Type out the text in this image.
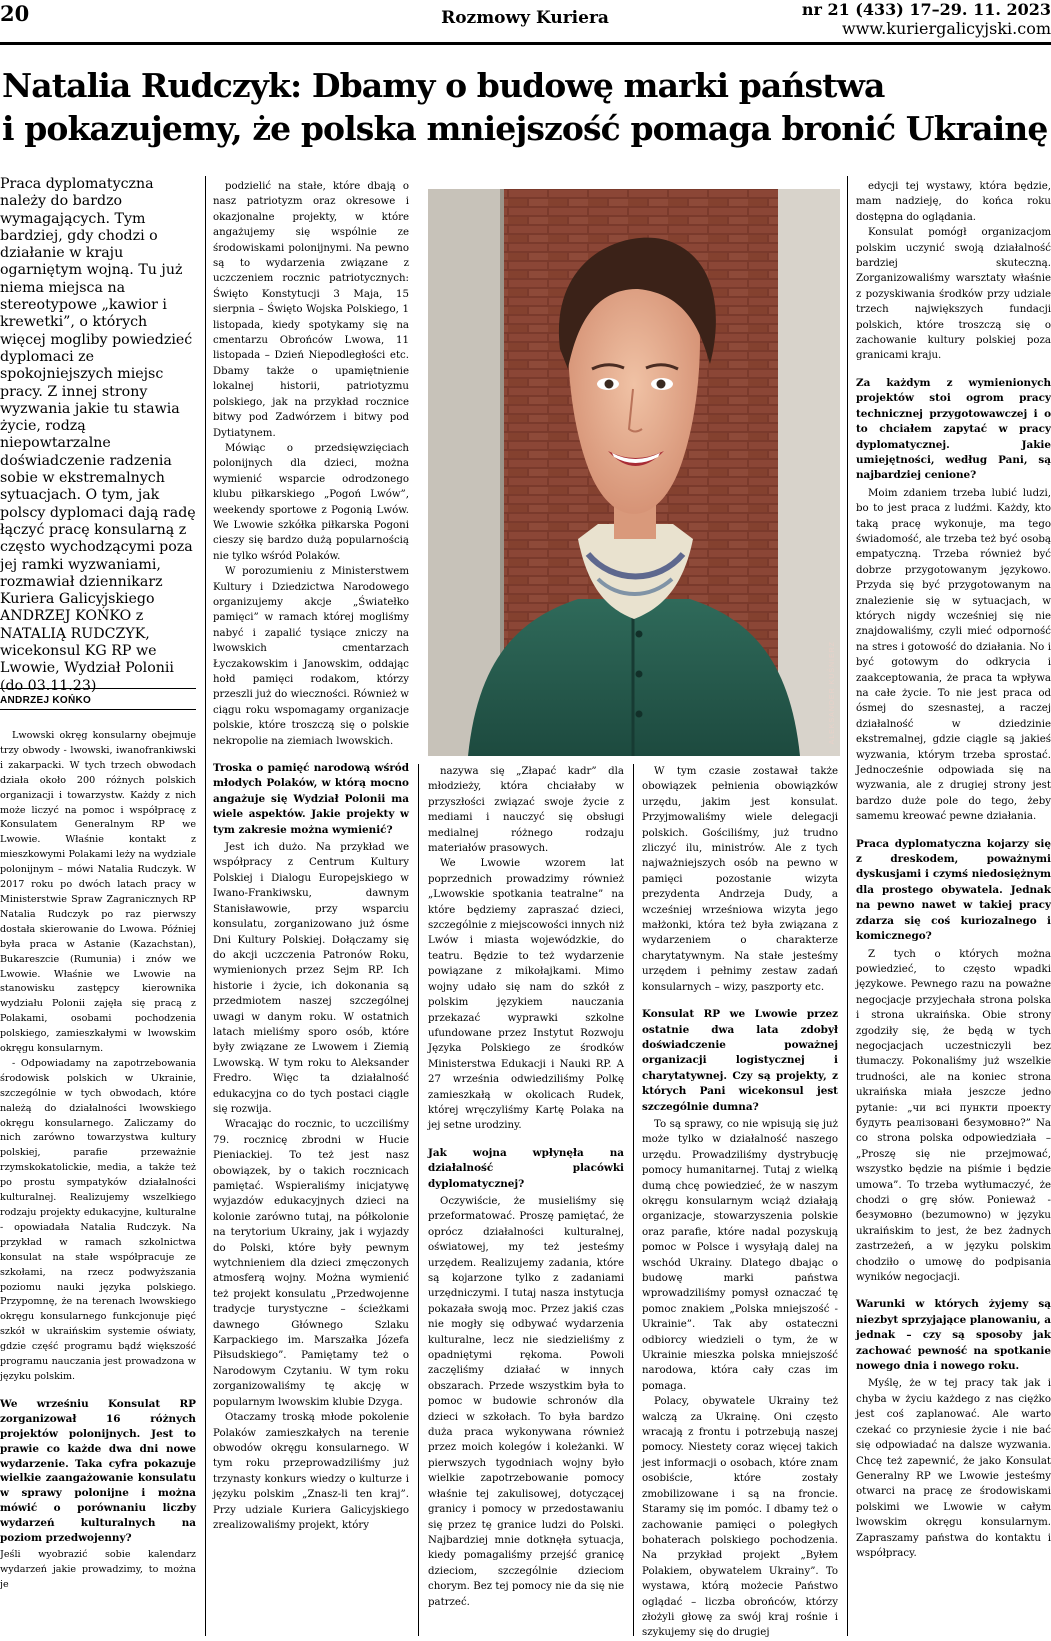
20	Rozmowy Kuriera	nr 21 (433) 17–29. 11. 2023
www.kuriergalicyjski.com
Natalia Rudczyk: Dbamy o budowę marki państwa
i pokazujemy, że polska mniejszość pomaga bronić Ukrainę
Praca dyplomatyczna należy do bardzo wymagających. Tym bardziej, gdy chodzi o działanie w kraju ogarniętym wojną. Tu już niema miejsca na stereotypowe „kawior i krewetki”, o których więcej mogliby powiedzieć dyplomaci ze spokojniejszych miejsc pracy. Z innej strony wyzwania jakie tu stawia życie, rodzą niepowtarzalne doświadczenie radzenia sobie w ekstremalnych sytuacjach. O tym, jak polscy dyplomaci dają radę łączyć pracę konsularną z często wychodzącymi poza jej ramki wyzwaniami, rozmawiał dziennikarz Kuriera Galicyjskiego ANDRZEJ KOŃKO z NATALIĄ RUDCZYK, wicekonsul KG RP we Lwowie, Wydział Polonii (do 03.11.23)
ANDRZEJ KOŃKO

Lwowski okręg konsularny obejmuje trzy obwody - lwowski, iwanofrankiwski i zakarpacki. W tych trzech obwodach działa około 200 różnych polskich organizacji i towarzystw. Każdy z nich może liczyć na pomoc i współpracę z Konsulatem Generalnym RP we Lwowie. Właśnie kontakt z mieszkowymi Polakami leży na wydziale polonijnym – mówi Natalia Rudczyk. W 2017 roku po dwóch latach pracy w Ministerstwie Spraw Zagranicznych RP Natalia Rudczyk po raz pierwszy dostała skierowanie do Lwowa. Później była praca w Astanie (Kazachstan), Bukareszcie (Rumunia) i znów we Lwowie. Właśnie we Lwowie na stanowisku zastępcy kierownika wydziału Polonii zajęła się pracą z Polakami, osobami pochodzenia polskiego, zamieszkałymi w lwowskim okręgu konsularnym.

- Odpowiadamy na zapotrzebowania środowisk polskich w Ukrainie, szczególnie w tych obwodach, które należą do działalności lwowskiego okręgu konsularnego. Zaliczamy do nich zarówno towarzystwa kultury polskiej, parafie przeważnie rzymskokatolickie, media, a także też po prostu sympatyków działalności kulturalnej. Realizujemy wszelkiego rodzaju projekty edukacyjne, kulturalne - opowiadała Natalia Rudczyk. Na przykład w ramach szkolnictwa konsulat na stałe współpracuje ze szkołami, na rzecz podwyższania poziomu nauki języka polskiego. Przypomnę, że na terenach lwowskiego okręgu konsularnego funkcjonuje pięć szkół w ukraińskim systemie oświaty, gdzie część programu bądź większość programu nauczania jest prowadzona w języku polskim.

We wrześniu Konsulat RP zorganizował 16 różnych projektów polonijnych. Jest to prawie co każde dwa dni nowe wydarzenie. Taka cyfra pokazuje wielkie zaangażowanie konsulatu w sprawy polonijne i można mówić o porównaniu liczby wydarzeń kulturalnych na poziom przedwojenny?

Jeśli wyobrazić sobie kalendarz wydarzeń jakie prowadzimy, to można je

podzielić na stałe, które dbają o nasz patriotyzm oraz okresowe i okazjonalne projekty, w które angażujemy się wspólnie ze środowiskami polonijnymi. Na pewno są to wydarzenia związane z uczczeniem rocznic patriotycznych: Święto Konstytucji 3 Maja, 15 sierpnia – Święto Wojska Polskiego, 1 listopada, kiedy spotykamy się na cmentarzu Obrońców Lwowa, 11 listopada – Dzień Niepodległości etc. Dbamy także o upamiętnienie lokalnej historii, patriotyzmu polskiego, jak na przykład rocznice bitwy pod Zadwórzem i bitwy pod Dytiatynem.

Mówiąc o przedsięwzięciach polonijnych dla dzieci, można wymienić wsparcie odrodzonego klubu piłkarskiego „Pogoń Lwów”, weekendy sportowe z Pogonią Lwów. We Lwowie szkółka piłkarska Pogoni cieszy się bardzo dużą popularnością nie tylko wśród Polaków.

W porozumieniu z Ministerstwem Kultury i Dziedzictwa Narodowego organizujemy akcje „Światełko pamięci” w ramach której mogliśmy nabyć i zapalić tysiące zniczy na lwowskich cmentarzach Łyczakowskim i Janowskim, oddając hołd pamięci rodakom, którzy przeszli już do wieczności. Również w ciągu roku wspomagamy organizacje polskie, które troszczą się o polskie nekropolie na ziemiach lwowskich.

Troska o pamięć narodową wśród młodych Polaków, w którą mocno angażuje się Wydział Polonii ma wiele aspektów. Jakie projekty w tym zakresie można wymienić?

Jest ich dużo. Na przykład we współpracy z Centrum Kultury Polskiej i Dialogu Europejskiego w Iwano-Frankiwsku, dawnym Stanisławowie, przy wsparciu konsulatu, zorganizowano już ósme Dni Kultury Polskiej. Dołączamy się do akcji uczczenia Patronów Roku, wymienionych przez Sejm RP. Ich historie i życie, ich dokonania są przedmiotem naszej szczególnej uwagi w danym roku. W ostatnich latach mieliśmy sporo osób, które były związane ze Lwowem i Ziemią Lwowską. W tym roku to Aleksander Fredro. Więc ta działalność edukacyjna co do tych postaci ciągle się rozwija.

Wracając do rocznic, to uczciliśmy 79. rocznicę zbrodni w Hucie Pieniackiej. To też jest nasz obowiązek, by o takich rocznicach pamiętać. Wspieraliśmy inicjatywę wyjazdów edukacyjnych dzieci na kolonie zarówno tutaj, na półkolonie na terytorium Ukrainy, jak i wyjazdy do Polski, które były pewnym wytchnieniem dla dzieci zmęczonych atmosferą wojny. Można wymienić też projekt konsulatu „Przedwojenne tradycje turystyczne – ścieżkami dawnego Głównego Szlaku Karpackiego im. Marszałka Józefa Piłsudskiego”. Pamiętamy też o Narodowym Czytaniu. W tym roku zorganizowaliśmy tę akcję w popularnym lwowskim klubie Dzyga.

Otaczamy troską młode pokolenie Polaków zamieszkałych na terenie obwodów okręgu konsularnego. W tym roku przeprowadziliśmy już trzynasty konkurs wiedzy o kulturze i języku polskim „Znasz-li ten kraj”. Przy udziale Kuriera Galicyjskiego zrealizowaliśmy projekt, który

ALEKSANDER KUŚNIERZ

nazywa się „Złapać kadr” dla młodzieży, która chciałaby w przyszłości związać swoje życie z mediami i nauczyć się obsługi medialnej różnego rodzaju materiałów prasowych.

We Lwowie wzorem lat poprzednich prowadzimy również „Lwowskie spotkania teatralne” na które będziemy zapraszać dzieci, szczególnie z miejscowości innych niż Lwów i miasta wojewódzkie, do teatru. Będzie to też wydarzenie powiązane z mikołajkami. Mimo wojny udało się nam do szkół z polskim językiem nauczania przekazać wyprawki szkolne ufundowane przez Instytut Rozwoju Języka Polskiego ze środków Ministerstwa Edukacji i Nauki RP. A 27 września odwiedziliśmy Polkę zamieszkałą w okolicach Rudek, której wręczyliśmy Kartę Polaka na jej setne urodziny.

Jak wojna wpłynęła na działalność placówki dyplomatycznej?

Oczywiście, że musieliśmy się przeformatować. Proszę pamiętać, że oprócz działalności kulturalnej, oświatowej, my też jesteśmy urzędem. Realizujemy zadania, które są kojarzone tylko z zadaniami urzędniczymi. I tutaj nasza instytucja pokazała swoją moc. Przez jakiś czas nie mogły się odbywać wydarzenia kulturalne, lecz nie siedzieliśmy z opadniętymi rękoma. Powoli zaczęliśmy działać w innych obszarach. Przede wszystkim była to pomoc w budowie schronów dla dzieci w szkołach. To była bardzo duża praca wykonywana również przez moich kolegów i koleżanki. W pierwszych tygodniach wojny było wielkie zapotrzebowanie pomocy właśnie tej zakulisowej, dotyczącej granicy i pomocy w przedostawaniu się przez tę granice ludzi do Polski. Najbardziej mnie dotknęła sytuacja, kiedy pomagaliśmy przejść granicę dzieciom, szczególnie dzieciom chorym. Bez tej pomocy nie da się nie patrzeć.

W tym czasie zostawał także obowiązek pełnienia obowiązków urzędu, jakim jest konsulat. Przyjmowaliśmy wiele delegacji polskich. Gościliśmy, już trudno zliczyć ilu, ministrów. Ale z tych najważniejszych osób na pewno w pamięci pozostanie wizyta prezydenta Andrzeja Dudy, a wcześniej wrześniowa wizyta jego małżonki, która też była związana z wydarzeniem o charakterze charytatywnym. Na stałe jesteśmy urzędem i pełnimy zestaw zadań konsularnych – wizy, paszporty etc.

Konsulat RP we Lwowie przez ostatnie dwa lata zdobył doświadczenie poważnej organizacji logistycznej i charytatywnej. Czy są projekty, z których Pani wicekonsul jest szczególnie dumna?

To są sprawy, co nie wpisują się już może tylko w działalność naszego urzędu. Prowadziliśmy dystrybucję pomocy humanitarnej. Tutaj z wielką dumą chcę powiedzieć, że w naszym okręgu konsularnym wciąż działają organizacje, stowarzyszenia polskie oraz parafie, które nadal pozyskują pomoc w Polsce i wysyłają dalej na wschód Ukrainy. Dlatego dbając o budowę marki państwa wprowadziliśmy pomysł oznaczać tę pomoc znakiem „Polska mniejszość - Ukrainie”. Tak aby ostateczni odbiorcy wiedzieli o tym, że w Ukrainie mieszka polska mniejszość narodowa, która cały czas im pomaga.

Polacy, obywatele Ukrainy też walczą za Ukrainę. Oni często wracają z frontu i potrzebują naszej pomocy. Niestety coraz więcej takich jest informacji o osobach, które znam osobiście, które zostały zmobilizowane i są na froncie. Staramy się im pomóc. I dbamy też o zachowanie pamięci o poległych bohaterach polskiego pochodzenia. Na przykład projekt „Byłem Polakiem, obywatelem Ukrainy”. To wystawa, którą możecie Państwo oglądać – liczba obrońców, którzy złożyli głowę za swój kraj rośnie i szykujemy się do drugiej

edycji tej wystawy, która będzie, mam nadzieję, do końca roku dostępna do oglądania.

Konsulat pomógł organizacjom polskim uczynić swoją działalność bardziej skuteczną. Zorganizowaliśmy warsztaty właśnie z pozyskiwania środków przy udziale trzech największych fundacji polskich, które troszczą się o zachowanie kultury polskiej poza granicami kraju.

Za każdym z wymienionych projektów stoi ogrom pracy technicznej przygotowawczej i o to chciałem zapytać w pracy dyplomatycznej. Jakie umiejętności, według Pani, są najbardziej cenione?

Moim zdaniem trzeba lubić ludzi, bo to jest praca z ludźmi. Każdy, kto taką pracę wykonuje, ma tego świadomość, ale trzeba też być osobą empatyczną. Trzeba również być dobrze przygotowanym językowo. Przyda się być przygotowanym na znalezienie się w sytuacjach, w których nigdy wcześniej się nie znajdowaliśmy, czyli mieć odporność na stres i gotowość do działania. No i być gotowym do odkrycia i zaakceptowania, że praca ta wpływa na całe życie. To nie jest praca od ósmej do szesnastej, a raczej działalność w dziedzinie ekstremalnej, gdzie ciągle są jakieś wyzwania, którym trzeba sprostać. Jednocześnie odpowiada się na wyzwania, ale z drugiej strony jest bardzo duże pole do tego, żeby samemu kreować pewne działania.

Praca dyplomatyczna kojarzy się z dreskodem, poważnymi dyskusjami i czymś niedosiężnym dla prostego obywatela. Jednak na pewno nawet w takiej pracy zdarza się coś kuriozalnego i komicznego?

Z tych o których można powiedzieć, to często wpadki językowe. Pewnego razu na poważne negocjacje przyjechała strona polska i strona ukraińska. Obie strony zgodziły się, że będą w tych negocjacjach uczestniczyli bez tłumaczy. Pokonaliśmy już wszelkie trudności, ale na koniec strona ukraińska miała jeszcze jedno pytanie: „чи всі пункти проекту будуть реалізовані безумовно?” Na co strona polska odpowiedziała – „Proszę się nie przejmować, wszystko będzie na piśmie i będzie umowa”. To trzeba wytłumaczyć, że chodzi o grę słów. Ponieważ - безумовно (bezumowno) w języku ukraińskim to jest, że bez żadnych zastrzeżeń, a w języku polskim chodziło o umowę do podpisania wyników negocjacji.

Warunki w których żyjemy są niezbyt sprzyjające planowaniu, a jednak – czy są sposoby jak zachować pewność na spotkanie nowego dnia i nowego roku.

Myślę, że w tej pracy tak jak i chyba w życiu każdego z nas ciężko jest coś zaplanować. Ale warto czekać co przyniesie życie i nie bać się odpowiadać na dalsze wyzwania. Chcę też zapewnić, że jako Konsulat Generalny RP we Lwowie jesteśmy otwarci na pracę ze środowiskami polskimi we Lwowie w całym lwowskim okręgu konsularnym. Zapraszamy państwa do kontaktu i współpracy.
